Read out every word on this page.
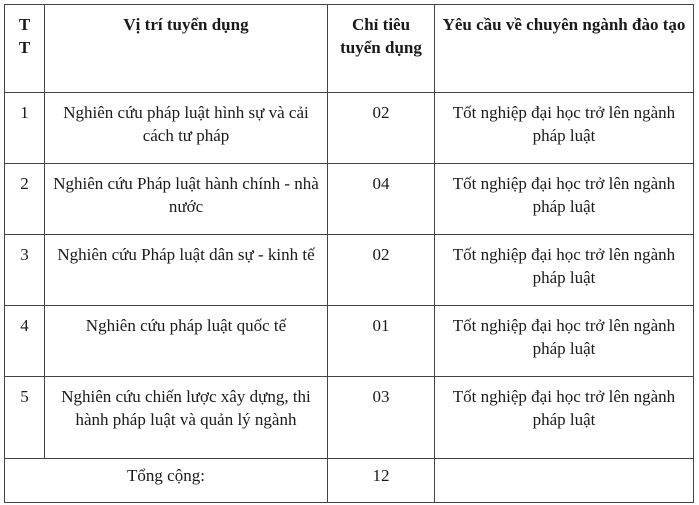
TT	Vị trí tuyển dụng	Chỉ tiêu tuyển dụng	Yêu cầu về chuyên ngành đào tạo
1	Nghiên cứu pháp luật hình sự và cải cách tư pháp	02	Tốt nghiệp đại học trở lên ngành pháp luật
2	Nghiên cứu Pháp luật hành chính - nhà nước	04	Tốt nghiệp đại học trở lên ngành pháp luật
3	Nghiên cứu Pháp luật dân sự - kinh tế	02	Tốt nghiệp đại học trở lên ngành pháp luật
4	Nghiên cứu pháp luật quốc tế	01	Tốt nghiệp đại học trở lên ngành pháp luật
5	Nghiên cứu chiến lược xây dựng, thi hành pháp luật và quản lý ngành	03	Tốt nghiệp đại học trở lên ngành pháp luật
Tổng cộng:		12	
